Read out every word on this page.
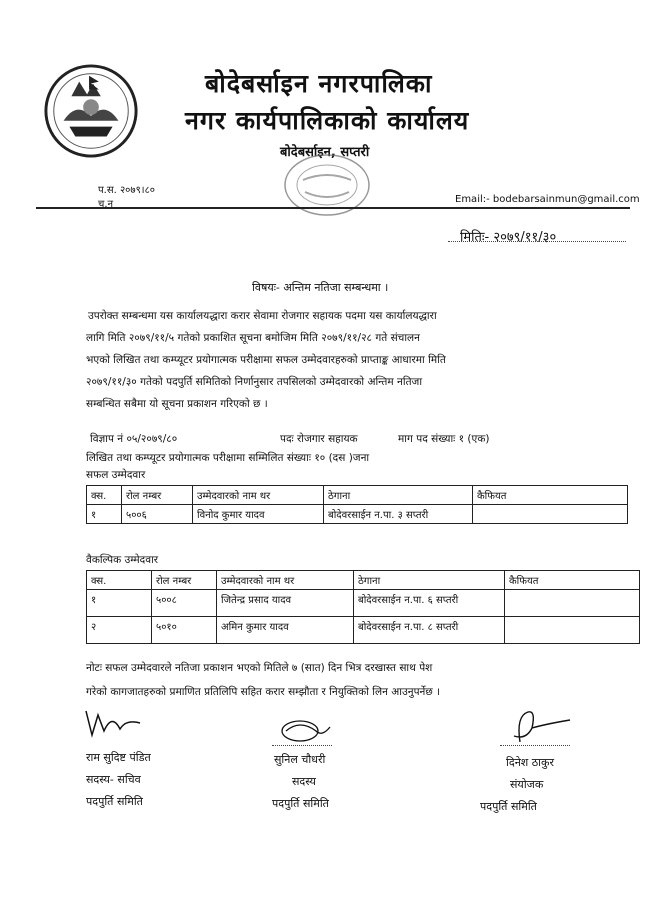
बोदेबर्साइन नगरपालिका
नगर कार्यपालिकाको कार्यालय
बोदेबर्साइन, सप्तरी
प.स. २०७९।८०
च.न	Email:- bodebarsainmun@gmail.com
मितिः- २०७९/११/३०
विषयः- अन्तिम नतिजा सम्बन्धमा ।
उपरोक्त सम्बन्धमा यस कार्यालयद्धारा करार सेवामा रोजगार सहायक पदमा यस कार्यालयद्धारा
लागि मिति २०७९/११/५ गतेको प्रकाशित सूचना बमोजिम मिति २०७९/११/२८ गते संचालन
भएको लिखित तथा कम्प्यूटर प्रयोगात्मक परीक्षामा सफल उम्मेदवारहरुको प्राप्ताङ्क आधारमा मिति
२०७९/११/३० गतेको पदपुर्ति समितिको निर्णानुसार तपसिलको उम्मेदवारको अन्तिम नतिजा
सम्बन्धित सबैमा यो सूचना प्रकाशन गरिएको छ ।
विज्ञाप नं ०५/२०७९/८०	पदः रोजगार सहायक	माग पद संख्याः १ (एक)
लिखित तथा कम्प्यूटर प्रयोगात्मक परीक्षामा सम्मिलित संख्याः १० (दस )जना
सफल उम्मेदवार
क्स.	रोल नम्बर	उम्मेदवारको नाम थर	ठेगाना	कैफियत
१	५००६	विनोद कुमार यादव	बोदेवरसाईन न.पा. ३ सप्तरी	
वैकल्पिक उम्मेदवार
क्स.	रोल नम्बर	उम्मेदवारको नाम थर	ठेगाना	कैफियत
१	५००८	जितेन्द्र प्रसाद यादव	बोदेवरसाईन न.पा. ६ सप्तरी	
२	५०१०	अमिन कुमार यादव	बोदेवरसाईन न.पा. ८ सप्तरी	
नोटः सफल उम्मेदवारले नतिजा प्रकाशन भएको मितिले ७ (सात) दिन भित्र दरखास्त साथ पेश
गरेको कागजातहरुको प्रमाणित प्रतिलिपि सहित करार सम्झौता र नियुक्तिको लिन आउनुपर्नेछ ।
राम सुदिष्ट पंडित
सदस्य- सचिव
पदपुर्ति समिति
सुनिल चौधरी
सदस्य
पदपुर्ति समिति
दिनेश ठाकुर
संयोजक
पदपुर्ति समिति
